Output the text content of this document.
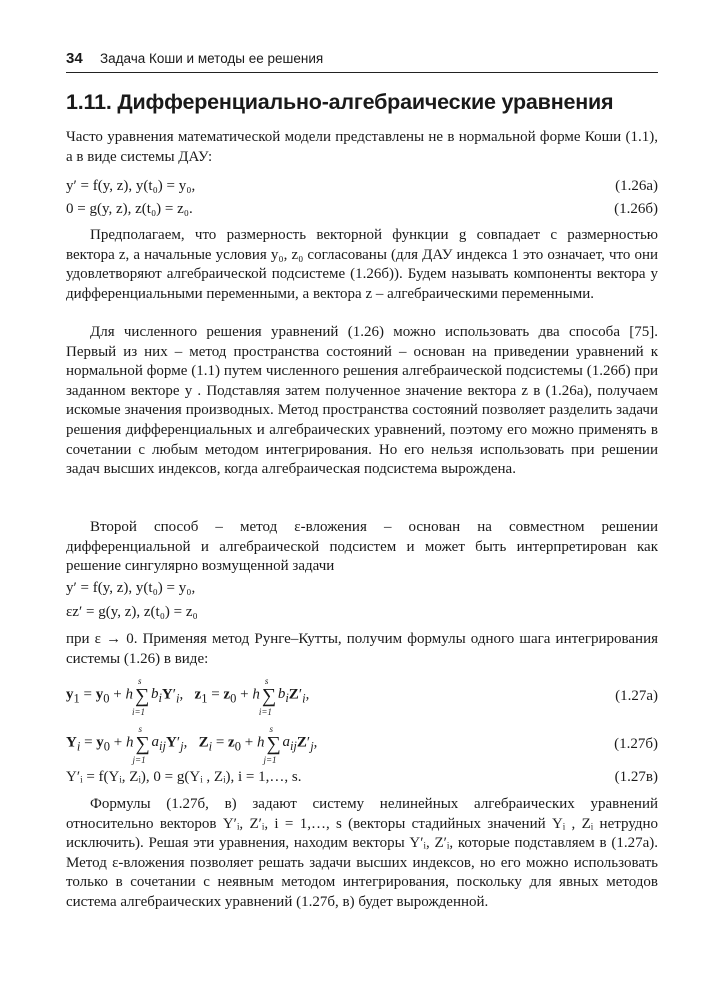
34 Задача Коши и методы ее решения
1.11. Дифференциально-алгебраические уравнения

Часто уравнения математической модели представлены не в нормальной форме Коши (1.1), а в виде системы ДАУ:

y′ = f(y, z), y(t₀) = y₀,	(1.26а)
0 = g(y, z), z(t₀) = z₀.	(1.26б)

Предполагаем, что размерность векторной функции g совпадает с размерностью вектора z, а начальные условия y₀, z₀ согласованы (для ДАУ индекса 1 это означает, что они удовлетворяют алгебраической подсистеме (1.26б)). Будем называть компоненты вектора y дифференциальными переменными, а вектора z – алгебраическими переменными.

Для численного решения уравнений (1.26) можно использовать два способа [75]. Первый из них – метод пространства состояний – основан на приведении уравнений к нормальной форме (1.1) путем численного решения алгебраической подсистемы (1.26б) при заданном векторе y . Подставляя затем полученное значение вектора z в (1.26а), получаем искомые значения производных. Метод пространства состояний позволяет разделить задачи решения дифференциальных и алгебраических уравнений, поэтому его можно применять в сочетании с любым методом интегрирования. Но его нельзя использовать при решении задач высших индексов, когда алгебраическая подсистема вырождена.

Второй способ – метод ε-вложения – основан на совместном решении дифференциальной и алгебраической подсистем и может быть интерпретирован как решение сингулярно возмущенной задачи

y′ = f(y, z), y(t₀) = y₀,
εz′ = g(y, z), z(t₀) = z₀

при ε → 0. Применяя метод Рунге–Кутты, получим формулы одного шага интегрирования системы (1.26) в виде:

$y_1 = y_0 + h$
s
∑
i=1
$b_iY'_i$,   $z_1 = z_0 + h$
s
∑
i=1
$b_iZ'_i$,	(1.27а)
$Y_i = y_0 + h$
s
∑
j=1
$a_{ij}Y'_j$,   $Z_i = z_0 + h$
s
∑
j=1
$a_{ij}Z'_j$,	(1.27б)
Y′ᵢ = f(Yᵢ, Zᵢ), 0 = g(Yᵢ , Zᵢ), i = 1,…, s.	(1.27в)

Формулы (1.27б, в) задают систему нелинейных алгебраических уравнений относительно векторов Y′ᵢ, Z′ᵢ, i = 1,…, s (векторы стадийных значений Yᵢ , Zᵢ нетрудно исключить). Решая эти уравнения, находим векторы Y′ᵢ, Z′ᵢ, которые подставляем в (1.27а). Метод ε-вложения позволяет решать задачи высших индексов, но его можно использовать только в сочетании с неявным методом интегрирования, поскольку для явных методов система алгебраических уравнений (1.27б, в) будет вырожденной.
